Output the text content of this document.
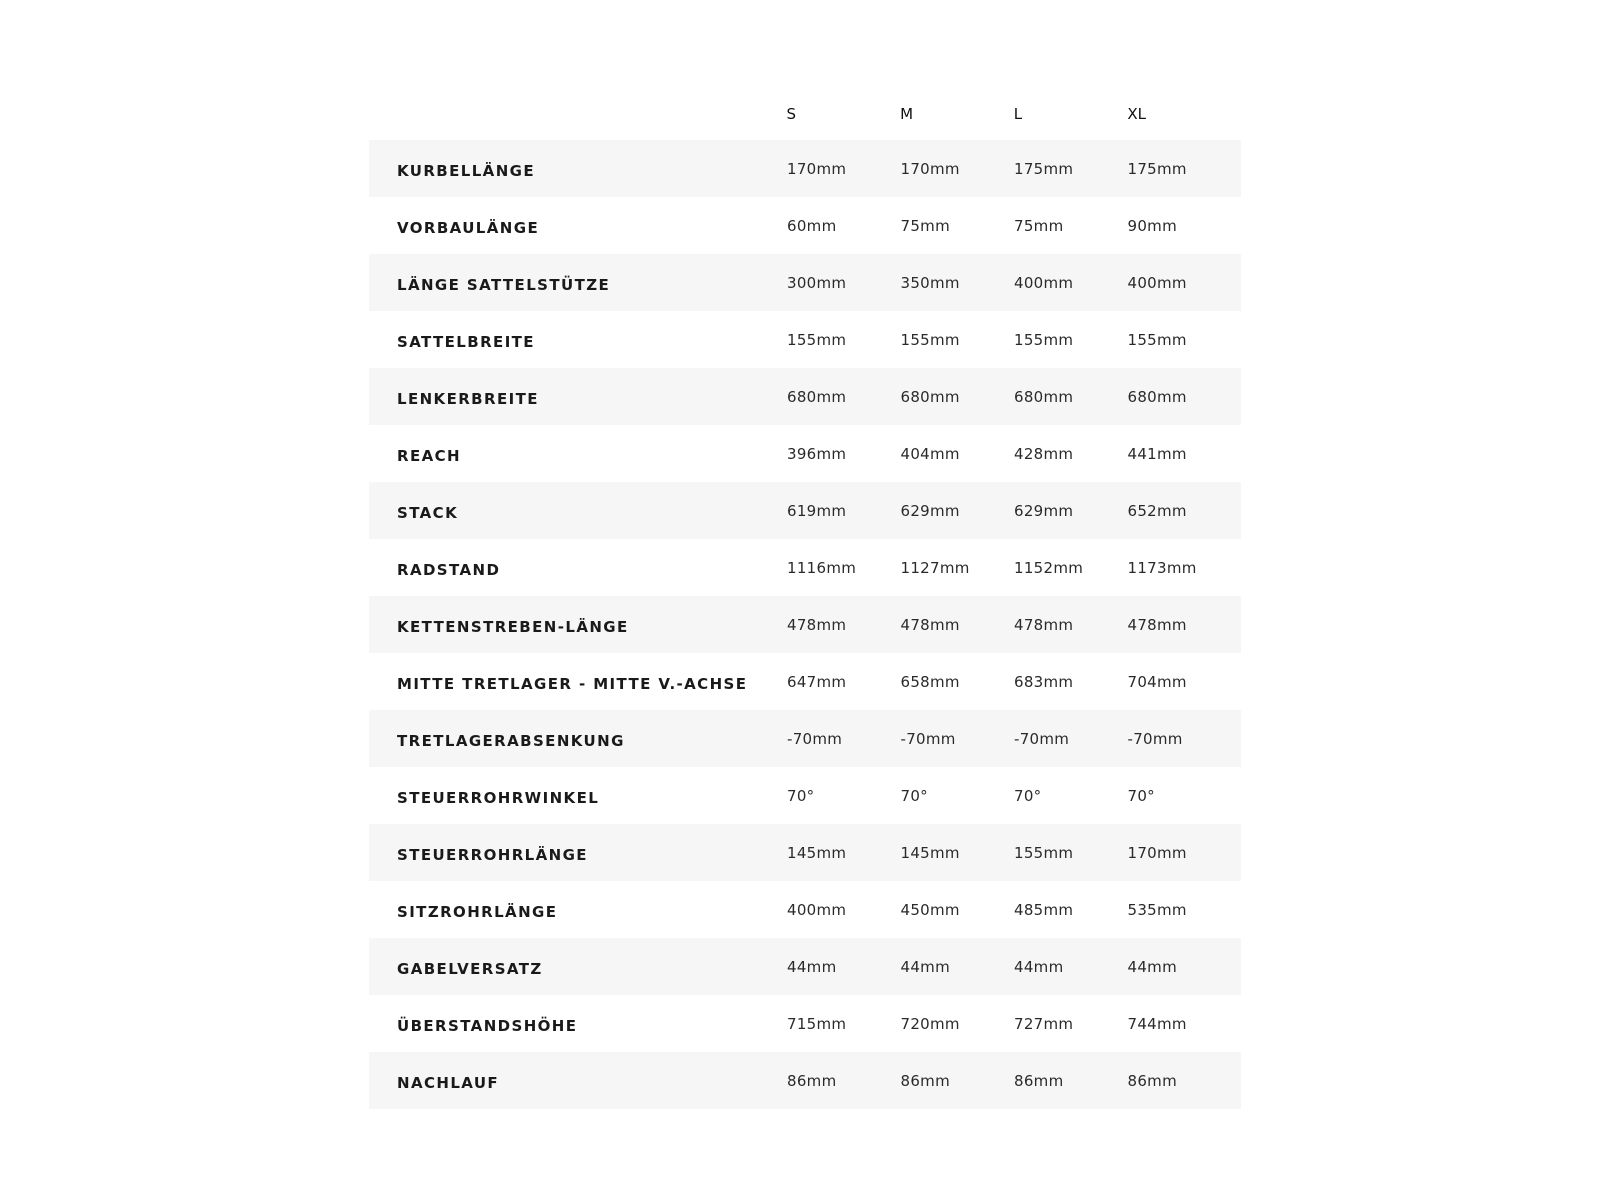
S	M	L	XL
KURBELLÄNGE	170mm	170mm	175mm	175mm
VORBAULÄNGE	60mm	75mm	75mm	90mm
LÄNGE SATTELSTÜTZE	300mm	350mm	400mm	400mm
SATTELBREITE	155mm	155mm	155mm	155mm
LENKERBREITE	680mm	680mm	680mm	680mm
REACH	396mm	404mm	428mm	441mm
STACK	619mm	629mm	629mm	652mm
RADSTAND	1116mm	1127mm	1152mm	1173mm
KETTENSTREBEN-LÄNGE	478mm	478mm	478mm	478mm
MITTE TRETLAGER - MITTE V.-ACHSE	647mm	658mm	683mm	704mm
TRETLAGERABSENKUNG	-70mm	-70mm	-70mm	-70mm
STEUERROHRWINKEL	70°	70°	70°	70°
STEUERROHRLÄNGE	145mm	145mm	155mm	170mm
SITZROHRLÄNGE	400mm	450mm	485mm	535mm
GABELVERSATZ	44mm	44mm	44mm	44mm
ÜBERSTANDSHÖHE	715mm	720mm	727mm	744mm
NACHLAUF	86mm	86mm	86mm	86mm
